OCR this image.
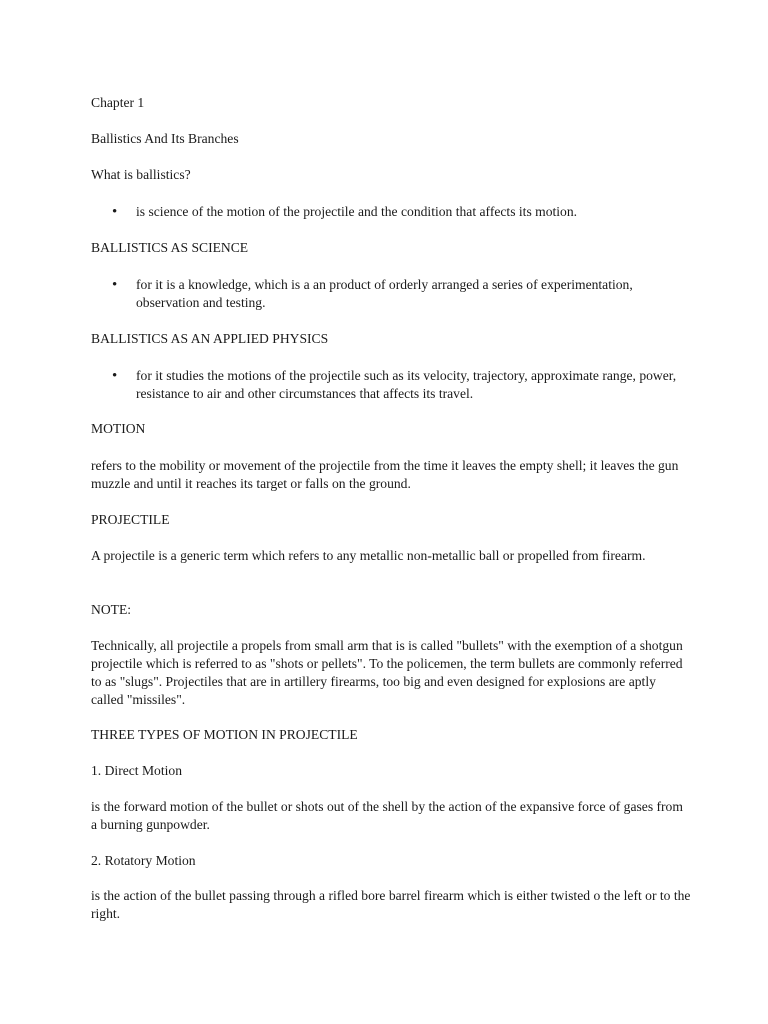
Chapter 1

Ballistics And Its Branches

What is ballistics?

• is science of the motion of the projectile and the condition that affects its motion.

BALLISTICS AS SCIENCE

• for it is a knowledge, which is a an product of orderly arranged a series of experimentation, observation and testing.

BALLISTICS AS AN APPLIED PHYSICS

• for it studies the motions of the projectile such as its velocity, trajectory, approximate range, power, resistance to air and other circumstances that affects its travel.

MOTION

refers to the mobility or movement of the projectile from the time it leaves the empty shell; it leaves the gun muzzle and until it reaches its target or falls on the ground.

PROJECTILE

A projectile is a generic term which refers to any metallic non-metallic ball or propelled from firearm.

NOTE:

Technically, all projectile a propels from small arm that is is called "bullets" with the exemption of a shotgun projectile which is referred to as "shots or pellets". To the policemen, the term bullets are commonly referred to as "slugs". Projectiles that are in artillery firearms, too big and even designed for explosions are aptly called "missiles".

THREE TYPES OF MOTION IN PROJECTILE

1. Direct Motion

is the forward motion of the bullet or shots out of the shell by the action of the expansive force of gases from a burning gunpowder.

2. Rotatory Motion

is the action of the bullet passing through a rifled bore barrel firearm which is either twisted o the left or to the right.
